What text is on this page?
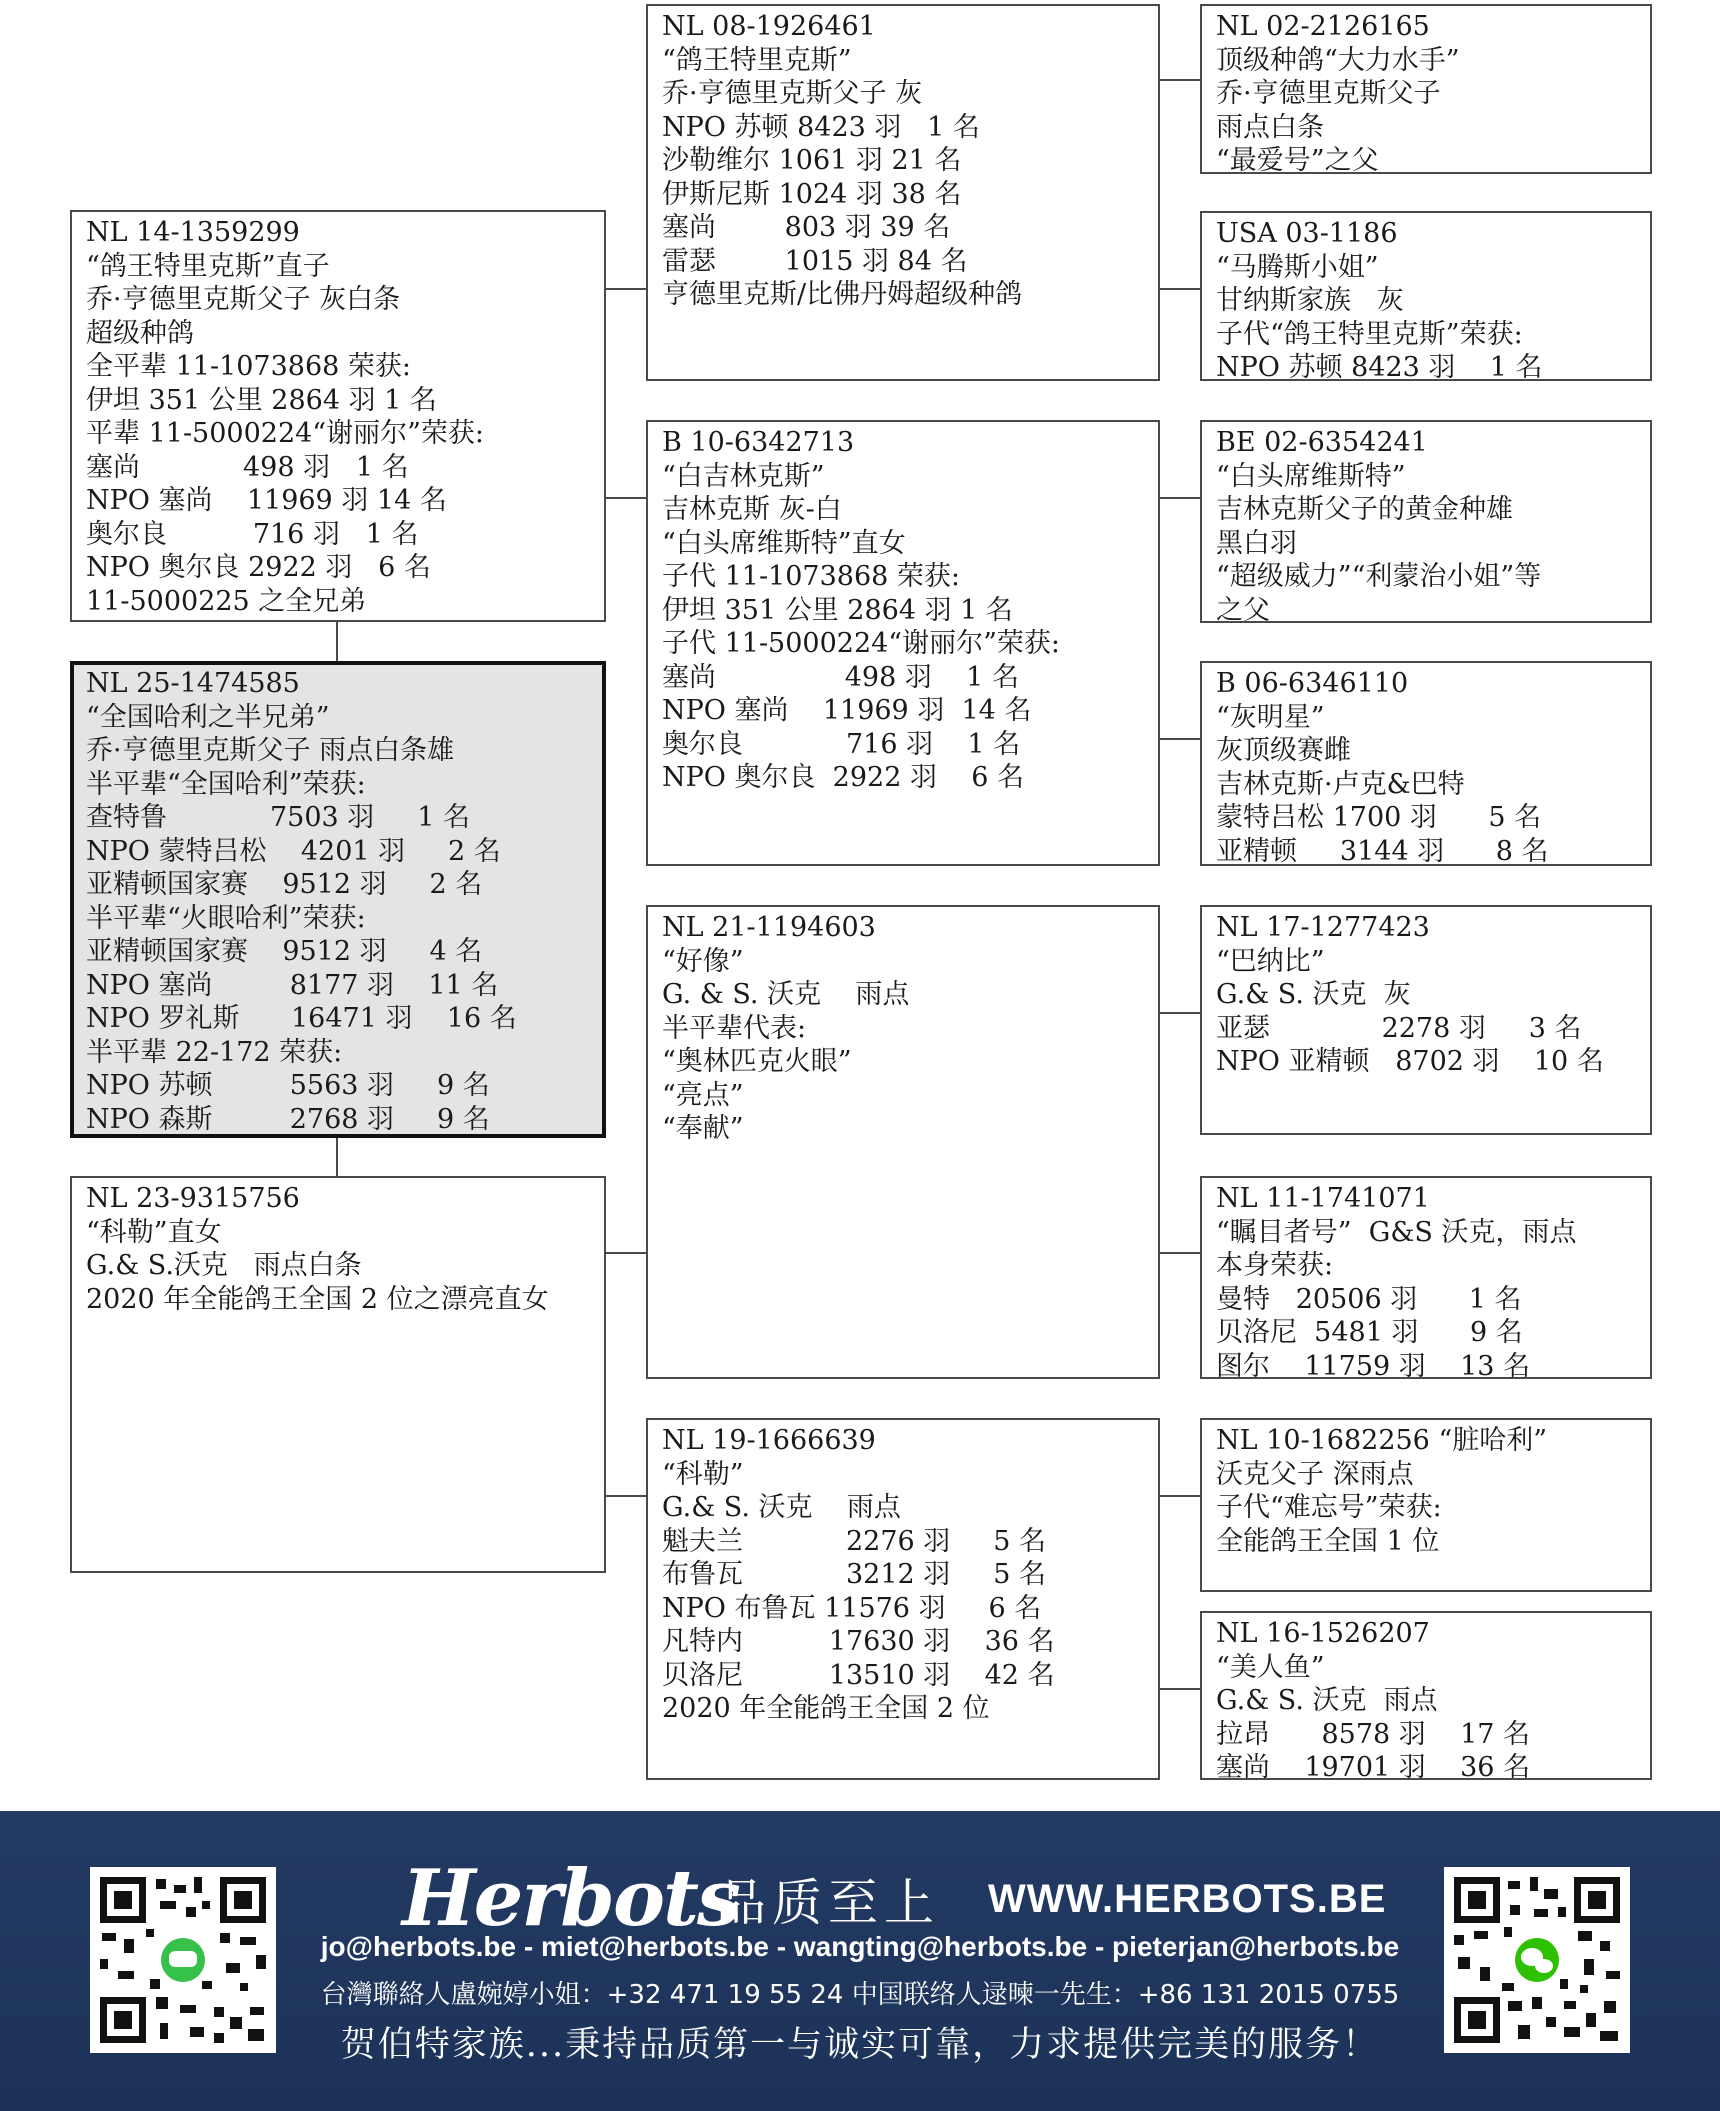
NL 14-1359299
“鸽王特里克斯”直子
乔·亨德里克斯父子 灰白条
超级种鸽
全平辈 11-1073868 荣获:
伊坦 351 公里 2864 羽 1 名
平辈 11-5000224“谢丽尔”荣获:
塞尚            498 羽   1 名
NPO 塞尚    11969 羽 14 名
奥尔良          716 羽   1 名
NPO 奥尔良 2922 羽   6 名
11-5000225 之全兄弟
NL 25-1474585
“全国哈利之半兄弟”
乔·亨德里克斯父子 雨点白条雄
半平辈“全国哈利”荣获:
查特鲁            7503 羽     1 名
NPO 蒙特吕松    4201 羽     2 名
亚精顿国家赛    9512 羽     2 名
半平辈“火眼哈利”荣获:
亚精顿国家赛    9512 羽     4 名
NPO 塞尚         8177 羽    11 名
NPO 罗礼斯      16471 羽    16 名
半平辈 22-172 荣获:
NPO 苏顿         5563 羽     9 名
NPO 森斯         2768 羽     9 名
NL 23-9315756
“科勒”直女
G.& S.沃克   雨点白条
2020 年全能鸽王全国 2 位之漂亮直女
NL 08-1926461
“鸽王特里克斯”
乔·亨德里克斯父子 灰
NPO 苏顿 8423 羽   1 名
沙勒维尔 1061 羽 21 名
伊斯尼斯 1024 羽 38 名
塞尚        803 羽 39 名
雷瑟        1015 羽 84 名
亨德里克斯/比佛丹姆超级种鸽
B 10-6342713
“白吉林克斯”
吉林克斯 灰-白
“白头席维斯特”直女
子代 11-1073868 荣获:
伊坦 351 公里 2864 羽 1 名
子代 11-5000224“谢丽尔”荣获:
塞尚               498 羽    1 名
NPO 塞尚    11969 羽  14 名
奥尔良            716 羽    1 名
NPO 奥尔良  2922 羽    6 名
NL 21-1194603
“好像”
G. & S. 沃克    雨点
半平辈代表:
“奥林匹克火眼”
“亮点”
“奉献”
NL 19-1666639
“科勒”
G.& S. 沃克    雨点
魁夫兰            2276 羽     5 名
布鲁瓦            3212 羽     5 名
NPO 布鲁瓦 11576 羽     6 名
凡特内          17630 羽    36 名
贝洛尼          13510 羽    42 名
2020 年全能鸽王全国 2 位
NL 02-2126165
顶级种鸽“大力水手”
乔·亨德里克斯父子
雨点白条
“最爱号”之父
USA 03-1186
“马腾斯小姐”
甘纳斯家族   灰
子代“鸽王特里克斯”荣获:
NPO 苏顿 8423 羽    1 名
BE 02-6354241
“白头席维斯特”
吉林克斯父子的黄金种雄
黑白羽
“超级威力”“利蒙治小姐”等
之父
B 06-6346110
“灰明星”
灰顶级赛雌
吉林克斯·卢克&巴特
蒙特吕松 1700 羽      5 名
亚精顿     3144 羽      8 名
NL 17-1277423
“巴纳比”
G.& S. 沃克  灰
亚瑟             2278 羽     3 名
NPO 亚精顿   8702 羽    10 名
NL 11-1741071
“瞩目者号”  G&S 沃克，雨点
本身荣获:
曼特   20506 羽      1 名
贝洛尼  5481 羽      9 名
图尔    11759 羽    13 名
NL 10-1682256 “脏哈利”
沃克父子 深雨点
子代“难忘号”荣获:
全能鸽王全国 1 位
NL 16-1526207
“美人鱼”
G.& S. 沃克  雨点
拉昂      8578 羽    17 名
塞尚    19701 羽    36 名
Herbots
品质至上 WWW.HERBOTS.BE
jo@herbots.be - miet@herbots.be - wangting@herbots.be - pieterjan@herbots.be
台灣聯絡人盧婉婷小姐：+32 471 19 55 24 中国联络人逯暕一先生：+86 131 2015 0755
贺伯特家族...秉持品质第一与诚实可靠，力求提供完美的服务！
